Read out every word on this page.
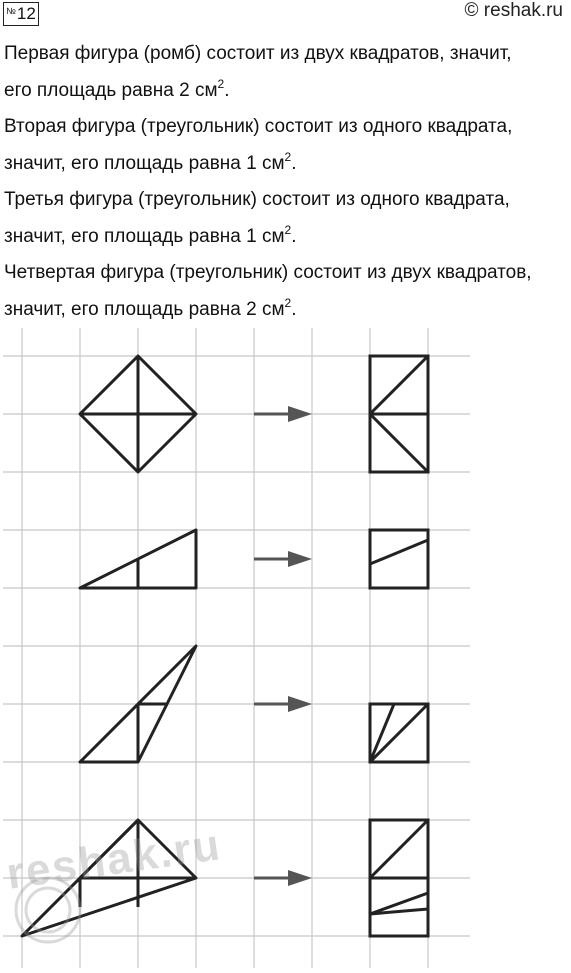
№ 12	© reshak.ru

Первая фигура (ромб) состоит из двух квадратов, значит,

его площадь равна 2 $см^2$.

Вторая фигура (треугольник) состоит из одного квадрата,

значит, его площадь равна 1 $см^2$.

Третья фигура (треугольник) состоит из одного квадрата,

значит, его площадь равна 1 $см^2$.

Четвертая фигура (треугольник) состоит из двух квадратов,

значит, его площадь равна 2 $см^2$.

reshak.ru
